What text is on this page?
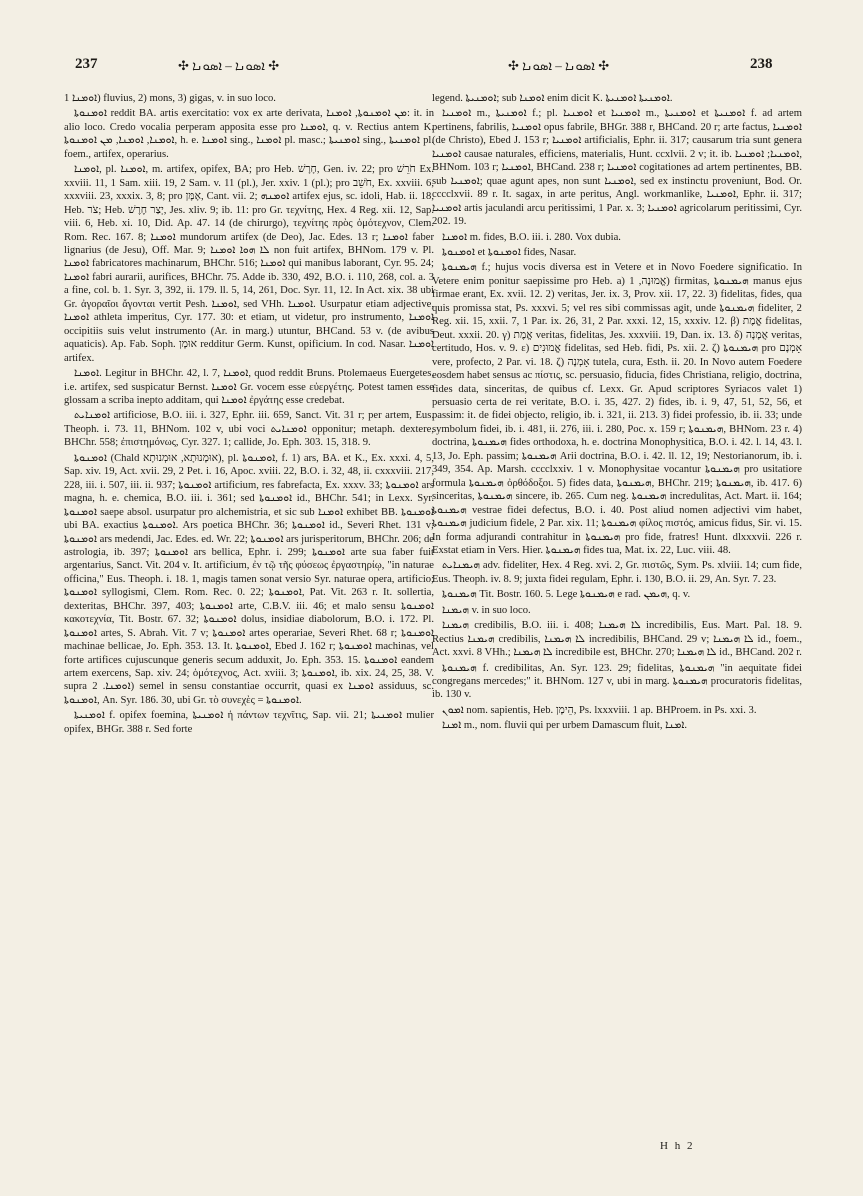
237	✣ ܐܣܘܢܐ – ܐܣܘܢܐ ✣	✣ ܐܣܘܢܐ – ܐܣܘܢܐ ✣	238

ܐܘܡܢܐ 1) fluvius, 2) mons, 3) gigas, v. in suo loco.

ܐܘܡܢܘܬܐ reddit BA. artis exercitatio: vox ex arte derivata, ܡܢ ܐܘܡܢܘܬܐ, ܐܘܡܢܐ: it. in alio loco. Credo vocalia perperam apposita esse pro ܐܘܡܢܐ, q. v. Rectius antem K. ܐܘܡܢܐ, ܐܘܡܢܐ, ܡܢ ܐܘܡܢܘܬܐ, h. e. ܐܘܡܢܐ sing., ܐܘܡܢܐ pl. masc.; ܐܘܡܢܝܬܐ sing., ܐܘܡܢܝܬܐ pl. foem., artifex, operarius.

ܐܘܡܢܐ, pl. ܐܘܡܢܐ, m. artifex, opifex, BA; pro Heb. חָרָשׁ, Gen. iv. 22; pro חֹרֵשׁ Ex. xxviii. 11, 1 Sam. xiii. 19, 2 Sam. v. 11 (pl.), Jer. xxiv. 1 (pl.); pro חֹשֵׁב, Ex. xxviii. 6, xxxviii. 23, xxxix. 3, 8; pro אָמָּן, Cant. vii. 2; ܐܘܡܢܗ artifex ejus, sc. idoli, Hab. ii. 18, Heb. צֹר; Heb. יְצַר חֶרֶשׁ, Jes. xliv. 9; ib. 11: pro Gr. τεχνίτης, Hex. 4 Reg. xii. 12, Sap. viii. 6, Heb. xi. 10, Did. Ap. 47. 14 (de chirurgo), τεχνίτης πρὸς ὁμότεχνον, Clem. Rom. Rec. 167. 8; ܐܘܡܢܐ mundorum artifex (de Deo), Jac. Edes. 13 r; ܐܘܡܢܐ faber lignarius (de Jesu), Off. Mar. 9; ܠܐ ܗܘܐ ܐܘܡܢܐ non fuit artifex, BHNom. 179 v. Pl. ܐܘܡܢܐ fabricatores machinarum, BHChr. 516; ܐܘܡܢܐ qui manibus laborant, Cyr. 95. 24; ܐܘܡܢܐ fabri aurarii, aurifices, BHChr. 75. Adde ib. 330, 492, B.O. i. 110, 268, col. a. 3 a fine, col. b. 1. Syr. 3, 392, ii. 179. ll. 5, 14, 261, Doc. Syr. 11, 12. In Act. xix. 38 ubi Gr. ἀγοραῖοι ἄγονται vertit Pesh. ܐܘܡܢܐ, sed VHh. ܐܘܡܢܐ. Usurpatur etiam adjective, ܐܘܡܢܐ athleta imperitus, Cyr. 177. 30: et etiam, ut videtur, pro instrumento, ܐܘܡܢܐ occipitiis suis velut instrumento (Ar. in marg.) utuntur, BHCand. 53 v. (de avibus aquaticis). Ap. Fab. Soph. אוּמָן redditur Germ. Kunst, opificium. In cod. Nasar. ܐܘܡܢܐ artifex.

ܐܘܡܢܐ. Legitur in BHChr. 42, l. 7, ܐܘܡܢܐ, quod reddit Bruns. Ptolemaeus Euergetes, i.e. artifex, sed suspicatur Bernst. ܐܘܡܢܐ Gr. vocem esse εὐεργέτης. Potest tamen esse glossam a scriba inepto additam, qui ܐܘܡܢܐ ἐργάτης esse credebat.

ܐܘܡܢܐܝܬ artificiose, B.O. iii. i. 327, Ephr. iii. 659, Sanct. Vit. 31 r; per artem, Eus. Theoph. i. 73. 11, BHNom. 102 v, ubi voci ܐܘܡܢܐܝܬ opponitur; metaph. dextere, BHChr. 558; ἐπιστημόνως, Cyr. 327. 1; callide, Jo. Eph. 303. 15, 318. 9.

ܐܘܡܢܘܬܐ (Chald אוּמָנוּתָא, אוּמְנוּתָא), pl. ܐܘܡܢܘܬܐ, f. 1) ars, BA. et K., Ex. xxxi. 4, 5, Sap. xiv. 19, Act. xvii. 29, 2 Pet. i. 16, Apoc. xviii. 22, B.O. i. 32, 48, ii. cxxxviii. 217, 228, iii. i. 507, iii. ii. 937; ܐܘܡܢܘܬܐ artificium, res fabrefacta, Ex. xxxv. 33; ܐܘܡܢܘܬܐ ars magna, h. e. chemica, B.O. iii. i. 361; sed ܐܘܡܢܘܬܐ id., BHChr. 541; in Lexx. Syr. ܐܘܡܢܘܬܐ saepe absol. usurpatur pro alchemistria, et sic sub ܐܘܡܢܐ exhibet BB. ܐܘܡܢܘܬܐ ubi BA. exactius ܐܘܡܢܘܬܐ. Ars poetica BHChr. 36; ܐܘܡܢܘܬܐ id., Severi Rhet. 131 v; ܐܘܡܢܘܬܐ ars medendi, Jac. Edes. ed. Wr. 22; ܐܘܡܢܘܬܐ ars jurisperitorum, BHChr. 206; de astrologia, ib. 397; ܐܘܡܢܘܬܐ ars bellica, Ephr. i. 299; ܐܘܡܢܘܬܐ arte sua faber fuit argentarius, Sanct. Vit. 204 v. It. artificium, ἐν τῷ τῆς φύσεως ἐργαστηρίῳ, "in naturae officina," Eus. Theoph. i. 18. 1, magis tamen sonat versio Syr. naturae opera, artificio; ܐܘܡܢܘܬܐ syllogismi, Clem. Rom. Rec. 0. 22; ܐܘܡܢܘܬܐ, Pat. Vit. 263 r. It. sollertia, dexteritas, BHChr. 397, 403; ܐܘܡܢܘܬܐ arte, C.B.V. iii. 46; et malo sensu ܐܘܡܢܘܬܐ κακοτεχνία, Tit. Bostr. 67. 32; ܐܘܡܢܘܬܐ dolus, insidiae diabolorum, B.O. i. 172. Pl. ܐܘܡܢܘܬܐ artes, S. Abrah. Vit. 7 v; ܐܘܡܢܘܬܐ artes operariae, Severi Rhet. 68 r; ܐܘܡܢܘܬܐ machinae bellicae, Jo. Eph. 353. 13. It. ܐܘܡܢܘܬܐ, Ebed J. 162 r; ܐܘܡܢܘܬܐ machinas, vel forte artifices cujuscunque generis secum adduxit, Jo. Eph. 353. 15. ܐܘܡܢܘܬܐ eandem artem exercens, Sap. xiv. 24; ὁμότεχνος, Act. xviii. 3; ܐܘܡܢܘܬܐ, ib. xix. 24, 25, 38. V. supra ܐܘܡܢܐ. 2) semel in sensu constantiae occurrit, quasi ex ܐܘܡܢܐ assiduus, sc. ܐܘܡܢܘܬܐ, An. Syr. 186. 30, ubi Gr. τὸ συνεχὲς = ܐܘܡܢܘܬܐ.

ܐܘܡܢܝܬܐ f. opifex foemina, ܐܘܡܢܝܬܐ ἡ πάντων τεχνῖτις, Sap. vii. 21; ܐܘܡܢܝܬܐ mulier opifex, BHGr. 388 r. Sed forte

legend. ܐܘܡܢܝܬܐ; sub ܐܘܡܢܐ enim dicit K. ܐܘܡܢܝܬܐ ܐܘܡܢܝܬܐ.

ܐܘܡܢܝܐ m., ܐܘܡܢܝܬܐ f.; pl. ܐܘܡܢܝܐ et ܐܘܡܢܝܐ m., ܐܘܡܢܝܬܐ et ܐܘܡܢܝܬܐ f. ad artem pertinens, fabrilis, ܐܘܡܢܝܐ opus fabrile, BHGr. 388 r, BHCand. 20 r; arte factus, ܐܘܡܢܝܐ (de Christo), Ebed J. 153 r; ܐܘܡܢܝܐ artificialis, Ephr. ii. 317; causarum tria sunt genera ܐܘܡܢܝܐ causae naturales, efficiens, materialis, Hunt. ccxlvii. 2 v; it. ib. ܐܘܡܢܝܐ; ܐܘܡܢܝܐ, BHNom. 103 r; ܐܘܡܢܝܐ, BHCand. 238 r; ܐܘܡܢܝܐ cogitationes ad artem pertinentes, BB. sub ܐܘܡܢܝܐ; quae agunt apes, non sunt ܐܘܡܢܝܐ, sed ex instinctu proveniunt, Bod. Or. cccclxvii. 89 r. It. sagax, in arte peritus, Angl. workmanlike, ܐܘܡܢܝܐ, Ephr. ii. 317; ܐܘܡܢܝܐ artis jaculandi arcu peritissimi, 1 Par. x. 3; ܐܘܡܢܝܐ agricolarum peritissimi, Cyr. 202. 19.

ܐܘܡܢܐ m. fides, B.O. iii. i. 280. Vox dubia.

ܐܘܡܢܘܬܐ et ܐܘܡܢܘܬܐ fides, Nasar.

ܗܝܡܢܘܬܐ f.; hujus vocis diversa est in Vetere et in Novo Foedere significatio. In Vetere enim ponitur saepissime pro Heb. a) אֱמוּנָה, 1) firmitas, ܗܝܡܢܘܬܐ manus ejus firmae erant, Ex. xvii. 12. 2) veritas, Jer. ix. 3, Prov. xii. 17, 22. 3) fidelitas, fides, qua quis promissa stat, Ps. xxxvi. 5; vel res sibi commissas agit, unde ܗܝܡܢܘܬܐ fideliter, 2 Reg. xii. 15, xxii. 7, 1 Par. ix. 26, 31, 2 Par. xxxi. 12, 15, xxxiv. 12. β) אֱמֶת fidelitas, Deut. xxxii. 20. γ) אֱמֶת veritas, fidelitas, Jes. xxxviii. 19, Dan. ix. 13. δ) אֲמָנָה veritas, certitudo, Hos. v. 9. ε) אֱמוּנִים fidelitas, sed Heb. fidi, Ps. xii. 2. ζ) ܗܝܡܢܘܬܐ pro אָמְנָם vere, profecto, 2 Par. vi. 18. ζ) אָמְנָה tutela, cura, Esth. ii. 20. In Novo autem Foedere eosdem habet sensus ac πίστις, sc. persuasio, fiducia, fides Christiana, religio, doctrina, fides data, sinceritas, de quibus cf. Lexx. Gr. Apud scriptores Syriacos valet 1) persuasio certa de rei veritate, B.O. i. 35, 427. 2) fides, ib. i. 9, 47, 51, 52, 56, et passim: it. de fidei objecto, religio, ib. i. 321, ii. 213. 3) fidei professio, ib. ii. 33; unde symbolum fidei, ib. i. 481, ii. 276, iii. i. 280, Poc. x. 159 r; ܗܝܡܢܘܬܐ, BHNom. 23 r. 4) doctrina, ܗܝܡܢܘܬܐ fides orthodoxa, h. e. doctrina Monophysitica, B.O. i. 42. l. 14, 43. l. 13, Jo. Eph. passim; ܗܝܡܢܘܬܐ Arii doctrina, B.O. i. 42. ll. 12, 19; Nestorianorum, ib. i. 349, 354. Ap. Marsh. cccclxxiv. 1 v. Monophysitae vocantur ܗܝܡܢܘܬܐ pro usitatiore formula ܗܝܡܢܘܬܐ ὀρθόδοξοι. 5) fides data, ܗܝܡܢܘܬܐ, BHChr. 219; ܗܝܡܢܘܬܐ, ib. 417. 6) sinceritas, ܗܝܡܢܘܬܐ sincere, ib. 265. Cum neg. ܗܝܡܢܘܬܐ incredulitas, Act. Mart. ii. 164; ܗܝܡܢܘܬܐ vestrae fidei defectus, B.O. i. 40. Post aliud nomen adjectivi vim habet, ܗܝܡܢܘܬܐ judicium fidele, 2 Par. xix. 11; ܗܝܡܢܘܬܐ φίλος πιστός, amicus fidus, Sir. vi. 15. In forma adjurandi contrahitur in ܗܝܡܢܘܬܐ pro fide, fratres! Hunt. dlxxxvii. 226 r. Exstat etiam in Vers. Hier. ܗܝܡܢܘܬܐ fides tua, Mat. ix. 22, Luc. viii. 48.

ܗܝܡܢܐܝܬ adv. fideliter, Hex. 4 Reg. xvi. 2, Gr. πιστῶς, Sym. Ps. xlviii. 14; cum fide, Eus. Theoph. iv. 8. 9; juxta fidei regulam, Ephr. i. 130, B.O. ii. 29, An. Syr. 7. 23.

ܗܝܡܢܘܬܐ Tit. Bostr. 160. 5. Lege ܗܝܡܢܘܬܐ e rad. ܗܝܡܢ, q. v.

ܗܝܡܢܐ v. in suo loco.

ܗܝܡܢܐ credibilis, B.O. iii. i. 408; ܠܐ ܗܝܡܢܐ incredibilis, Eus. Mart. Pal. 18. 9. Rectius ܗܝܡܢܐ credibilis, ܠܐ ܗܝܡܢܐ incredibilis, BHCand. 29 v; ܠܐ ܗܝܡܢܐ id., foem., Act. xxvi. 8 VHh.; ܠܐ ܗܝܡܢܐ incredibile est, BHChr. 270; ܠܐ ܗܝܡܢܐ id., BHCand. 202 r.

ܗܝܡܢܘܬܐ f. credibilitas, An. Syr. 123. 29; fidelitas, ܗܝܡܢܘܬܐ "in aequitate fidei congregans mercedes;" it. BHNom. 127 v, ubi in marg. ܗܝܡܢܘܬܐ procuratoris fidelitas, ib. 130 v.

ܐܡܘܢ nom. sapientis, Heb. הֵימָן, Ps. lxxxviii. 1 ap. BHProem. in Ps. xxi. 3.

ܐܡܢܐ m., nom. fluvii qui per urbem Damascum fluit, ܐܡܢܐ.

H h 2
